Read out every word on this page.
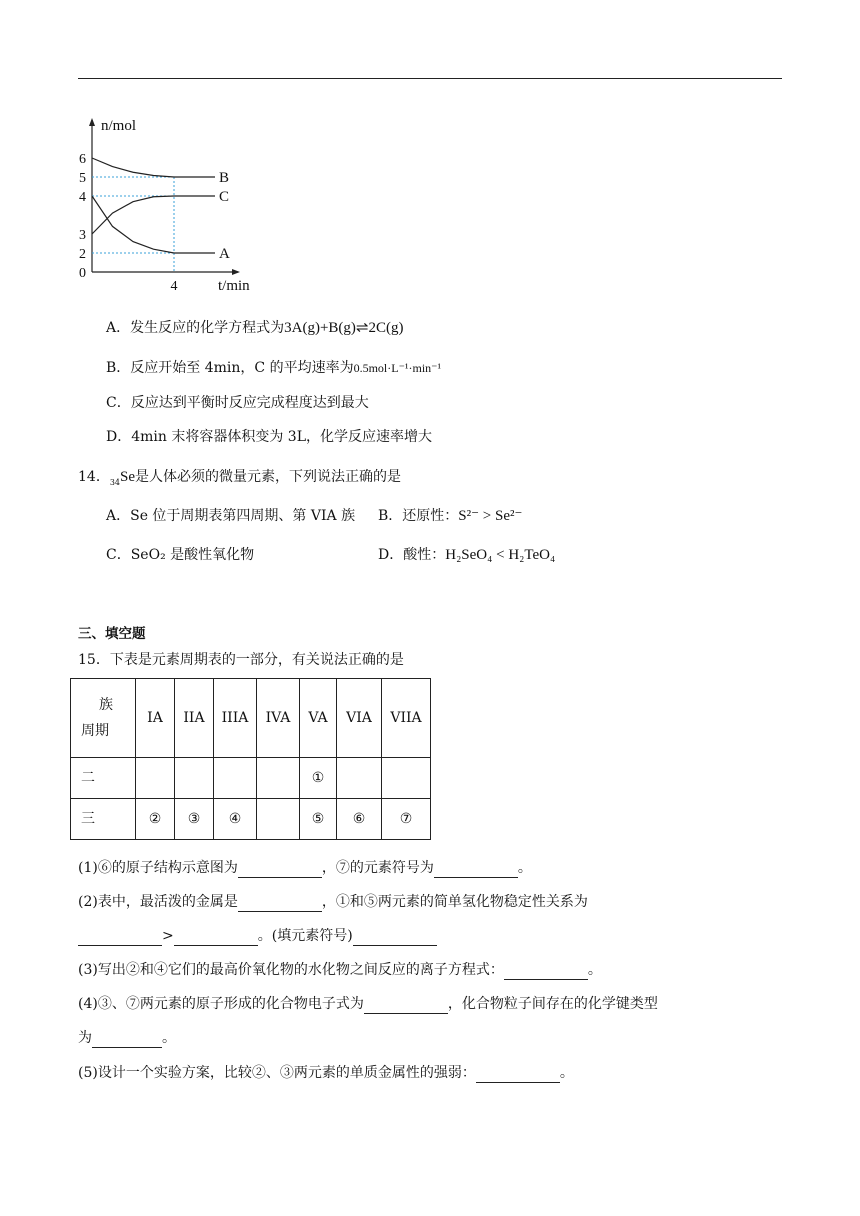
B
C
A
0
2
3
4
5
6
4
n/mol
t/min
A．发生反应的化学方程式为3A(g)+B(g)⇌2C(g)
B．反应开始至 4min，C 的平均速率为0.5mol·L⁻¹·min⁻¹
C．反应达到平衡时反应完成程度达到最大
D．4min 末将容器体积变为 3L，化学反应速率增大
14．$_{34}$Se是人体必须的微量元素，下列说法正确的是
A．Se 位于周期表第四周期、第 VIA 族 B．还原性：S²⁻ > Se²⁻
C．SeO₂ 是酸性氧化物	D．酸性：H₂SeO₄ < H₂TeO₄
三、填空题
15．下表是元素周期表的一部分，有关说法正确的是
族
周期	IA	IIA	IIIA	IVA	VA	VIA	VIIA
二					①		
三	②	③	④		⑤	⑥	⑦
(1)⑥的原子结构示意图为	，⑦的元素符号为	。
(2)表中，最活泼的金属是	，①和⑤两元素的简单氢化物稳定性关系为
>	。(填元素符号)
(3)写出②和④它们的最高价氧化物的水化物之间反应的离子方程式：	。
(4)③、⑦两元素的原子形成的化合物电子式为	，化合物粒子间存在的化学键类型
为	。
(5)设计一个实验方案，比较②、③两元素的单质金属性的强弱：	。
